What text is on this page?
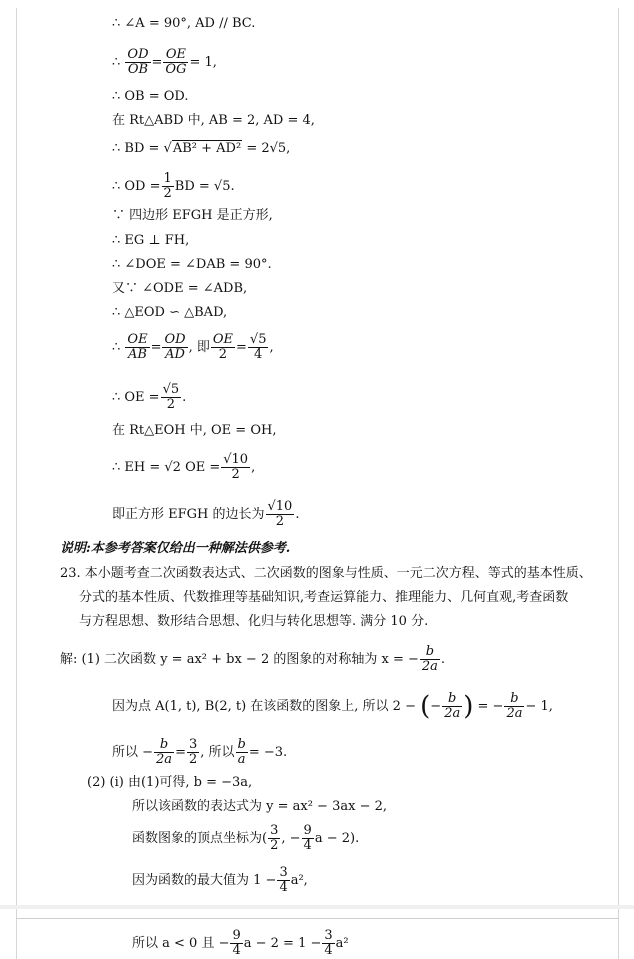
∴ ∠A = 90°, AD // BC.
∴ $\frac{OD}{OB} = \frac{OE}{OG} = 1$,
∴ OB = OD.
在 Rt△ABD 中, AB = 2, AD = 4,
∴ BD = √AB² + AD² = 2√5,
∴ OD = $\frac{1}{2}$ BD = √5.
∵ 四边形 EFGH 是正方形,
∴ EG ⊥ FH,
∴ ∠DOE = ∠DAB = 90°.
又∵ ∠ODE = ∠ADB,
∴ △EOD ∽ △BAD,
∴ $\frac{OE}{AB} = \frac{OD}{AD}$ , 即 $\frac{OE}{2} = \frac{√5}{4}$ ,
∴ OE = $\frac{√5}{2}$ .
在 Rt△EOH 中, OE = OH,
∴ EH = √2 OE = $\frac{√10}{2}$ ,
即正方形 EFGH 的边长为 $\frac{√10}{2}$ .
说明:本参考答案仅给出一种解法供参考.
23. 本小题考查二次函数表达式、二次函数的图象与性质、一元二次方程、等式的基本性质、
分式的基本性质、代数推理等基础知识,考查运算能力、推理能力、几何直观,考查函数
与方程思想、数形结合思想、化归与转化思想等. 满分 10 分.
解: (1) 二次函数 y = ax² + bx − 2 的图象的对称轴为 x = − $\frac{b}{2a}$ .
因为点 A(1, t), B(2, t) 在该函数的图象上, 所以 2 − (− $\frac{b}{2a}$ ) = − $\frac{b}{2a} - 1$,
所以 − $\frac{b}{2a} = \frac{3}{2}$ , 所以 $\frac{b}{a} = -3$.
(2) (i) 由(1)可得, b = −3a,
所以该函数的表达式为 y = ax² − 3ax − 2,
函数图象的顶点坐标为( $\frac{3}{2}$ , − $\frac{9}{4}$ a − 2).
因为函数的最大值为 $1 - \frac{3}{4} a^2$,
所以 a < 0 且 − $\frac{9}{4}$ $a - 2 = 1 - \frac{3}{4} a^2$
